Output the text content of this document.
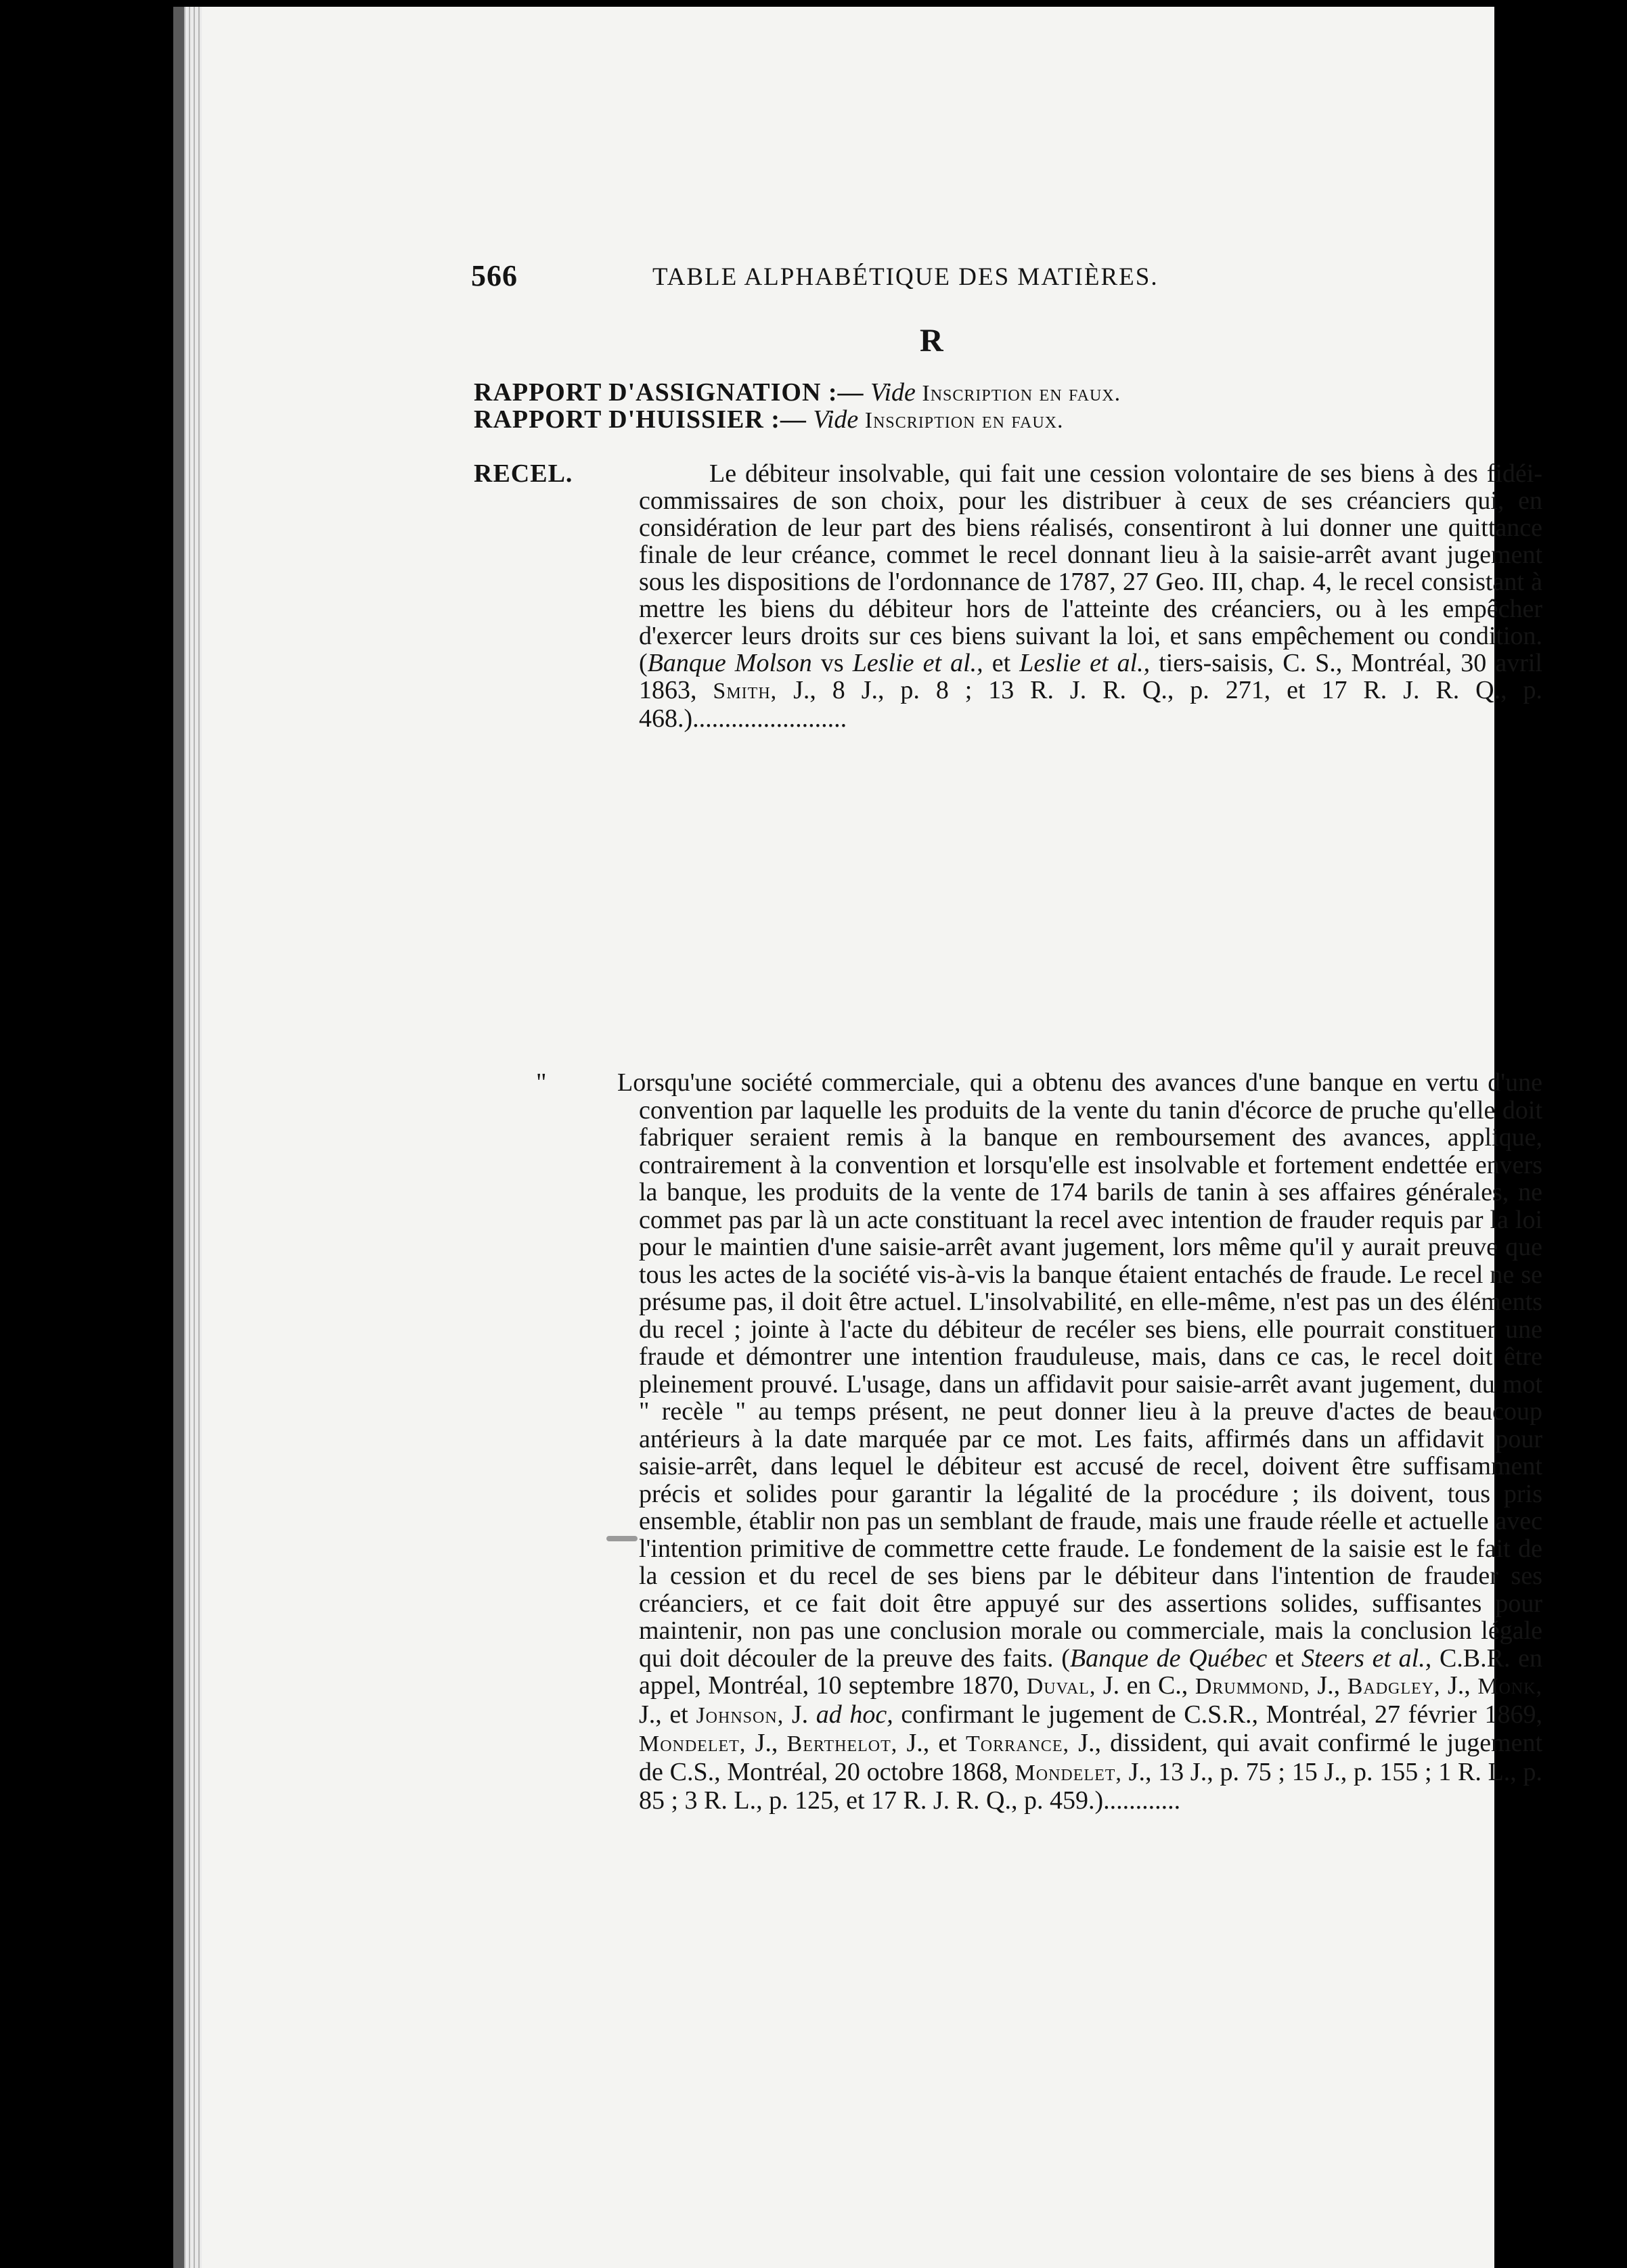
566	TABLE ALPHABÉTIQUE DES MATIÈRES.
R
RAPPORT D'ASSIGNATION :— Vide Inscription en faux.
RAPPORT D'HUISSIER :— Vide Inscription en faux.
RECEL.	Le débiteur insolvable, qui fait une cession volontaire de ses biens à des fidéi-commissaires de son choix, pour les distribuer à ceux de ses créanciers qui, en considération de leur part des biens réalisés, consentiront à lui donner une quittance finale de leur créance, commet le recel donnant lieu à la saisie-arrêt avant jugement sous les dispositions de l'ordonnance de 1787, 27 Geo. III, chap. 4, le recel consistant à mettre les biens du débiteur hors de l'atteinte des créanciers, ou à les empêcher d'exercer leurs droits sur ces biens suivant la loi, et sans empêchement ou condition. (Banque Molson vs Leslie et al., et Leslie et al., tiers-saisis, C. S., Montréal, 30 avril 1863, Smith, J., 8 J., p. 8 ; 13 R. J. R. Q., p. 271, et 17 R. J. R. Q., p. 468.)........................
"	Lorsqu'une société commerciale, qui a obtenu des avances d'une banque en vertu d'une convention par laquelle les produits de la vente du tanin d'écorce de pruche qu'elle doit fabriquer seraient remis à la banque en remboursement des avances, applique, contrairement à la convention et lorsqu'elle est insolvable et fortement endettée envers la banque, les produits de la vente de 174 barils de tanin à ses affaires générales, ne commet pas par là un acte constituant la recel avec intention de frauder requis par la loi pour le maintien d'une saisie-arrêt avant jugement, lors même qu'il y aurait preuve que tous les actes de la société vis-à-vis la banque étaient entachés de fraude. Le recel ne se présume pas, il doit être actuel. L'insolvabilité, en elle-même, n'est pas un des éléments du recel ; jointe à l'acte du débiteur de recéler ses biens, elle pourrait constituer une fraude et démontrer une intention frauduleuse, mais, dans ce cas, le recel doit être pleinement prouvé. L'usage, dans un affidavit pour saisie-arrêt avant jugement, du mot " recèle " au temps présent, ne peut donner lieu à la preuve d'actes de beaucoup antérieurs à la date marquée par ce mot. Les faits, affirmés dans un affidavit pour saisie-arrêt, dans lequel le débiteur est accusé de recel, doivent être suffisamment précis et solides pour garantir la légalité de la procédure ; ils doivent, tous pris ensemble, établir non pas un semblant de fraude, mais une fraude réelle et actuelle avec l'intention primitive de commettre cette fraude. Le fondement de la saisie est le fait de la cession et du recel de ses biens par le débiteur dans l'intention de frauder ses créanciers, et ce fait doit être appuyé sur des assertions solides, suffisantes pour maintenir, non pas une conclusion morale ou commerciale, mais la conclusion légale qui doit découler de la preuve des faits. (Banque de Québec et Steers et al., C.B.R. en appel, Montréal, 10 septembre 1870, Duval, J. en C., Drummond, J., Badgley, J., Monk, J., et Johnson, J. ad hoc, confirmant le jugement de C.S.R., Montréal, 27 février 1869, Mondelet, J., Berthelot, J., et Torrance, J., dissident, qui avait confirmé le jugement de C.S., Montréal, 20 octobre 1868, Mondelet, J., 13 J., p. 75 ; 15 J., p. 155 ; 1 R. L., p. 85 ; 3 R. L., p. 125, et 17 R. J. R. Q., p. 459.)............
